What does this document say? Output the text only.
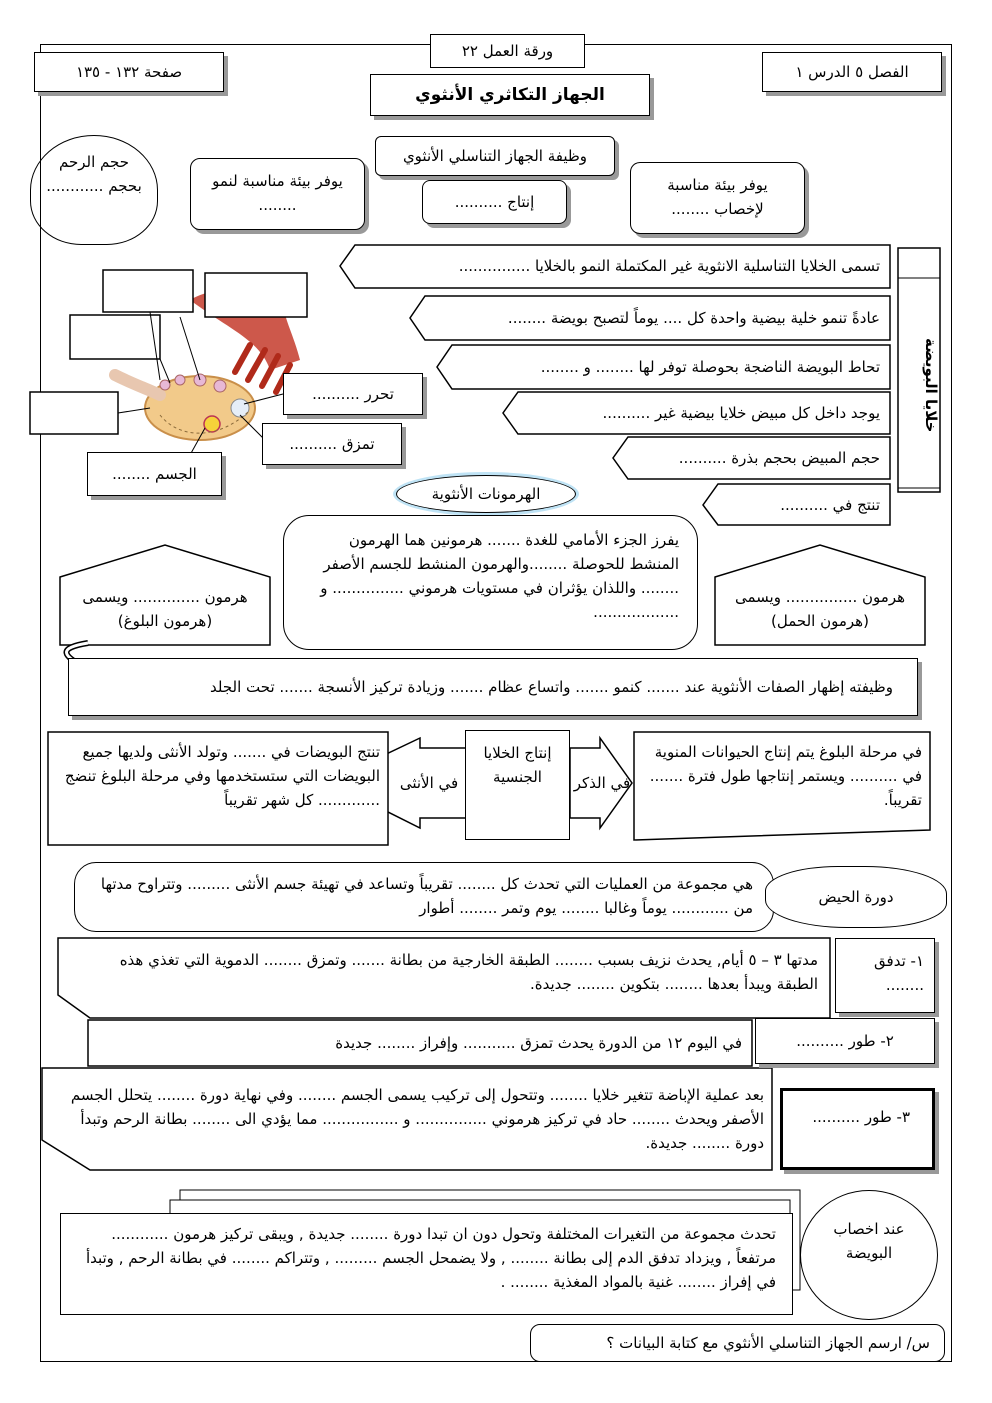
صفحة ١٣٢ - ١٣٥
ورقة العمل ٢٢
الجهاز التكاثري الأنثوي
الفصل ٥ الدرس ١
حجم الرحم بحجم ............
وظيفة الجهاز التناسلي الأنثوي
يوفر بيئة مناسبة لنمو ........	إنتاج ..........
يوفر بيئة مناسبة لإخصاب ........
تسمى الخلايا التناسلية الانثوية غير المكتملة النمو بالخلايا ...............
عادةً تنمو خلية بيضية واحدة كل .... يوماً لتصبح بويضة ........
تحاط البويضة الناضجة بحوصلة توفر لها ........ و ........
يوجد داخل كل مبيض خلايا بيضية غير ..........
حجم المبيض بحجم بذرة ..........
تنتج في ..........
خلايا البويضة
تحرر ..........
تمزق ..........
الجسم ........
الهرمونات الأنثوية
يفرز الجزء الأمامي للغدة ....... هرمونين هما الهرمون المنشط للحوصلة ........والهرمون المنشط للجسم الأصفر ........ واللذان يؤثران في مستويات هرموني ............... و ..................
هرمون .............. ويسمى (هرمون البلوغ)
هرمون ............... ويسمى (هرمون الحمل)
وظيفته إظهار الصفات الأنثوية عند ....... كنمو ....... واتساع عظام ....... وزيادة تركيز الأنسجة ....... تحت الجلد
إنتاج الخلايا الجنسية
في الأنثى	في الذكر
تنتج البويضات في ....... وتولد الأنثى ولديها جميع البويضات التي ستستخدمها وفي مرحلة البلوغ تنضج ............. كل شهر تقريباً
في مرحلة البلوغ يتم إنتاج الحيوانات المنوية في .......... ويستمر إنتاجها طول فترة ....... تقريباً.
هي مجموعة من العمليات التي تحدث كل ........ تقريباً وتساعد في تهيئة جسم الأنثى ......... وتتراوح مدتها من ............ يوماً وغالبا ........ يوم وتمر ........ أطوار
دورة الحيض
١- تدفق ........
مدتها ٣ – ٥ أيام, يحدث نزيف بسبب ........ الطبقة الخارجية من بطانة ....... وتمزق ........ الدموية التي تغذي هذه الطبقة ويبدأ بعدها ........ بتكوين ........ جديدة.
٢- طور ..........
في اليوم ١٢ من الدورة يحدث تمزق ........... وإفراز ........ جديدة
٣- طور ..........
بعد عملية الإباضة تتغير خلايا ........ وتتحول إلى تركيب يسمى الجسم ........ وفي نهاية دورة ........ يتحلل الجسم الأصفر ويحدث ........ حاد في تركيز هرموني ............... و ................ مما يؤدي الى ........ بطانة الرحم وتبدأ دورة ........ جديدة.
تحدث مجموعة من التغيرات المختلفة وتحول دون ان تبدا دورة ........ جديدة , ويبقى تركيز هرمون ............ مرتفعاً , ويزداد تدفق الدم إلى بطانة ........ , ولا يضمحل الجسم ......... , وتتراكم ........ في بطانة الرحم , وتبدأ في إفراز ........ غنية بالمواد المغذية ........ .
عند اخصاب البويضة
س/ ارسم الجهاز التناسلي الأنثوي مع كتابة البيانات ؟
